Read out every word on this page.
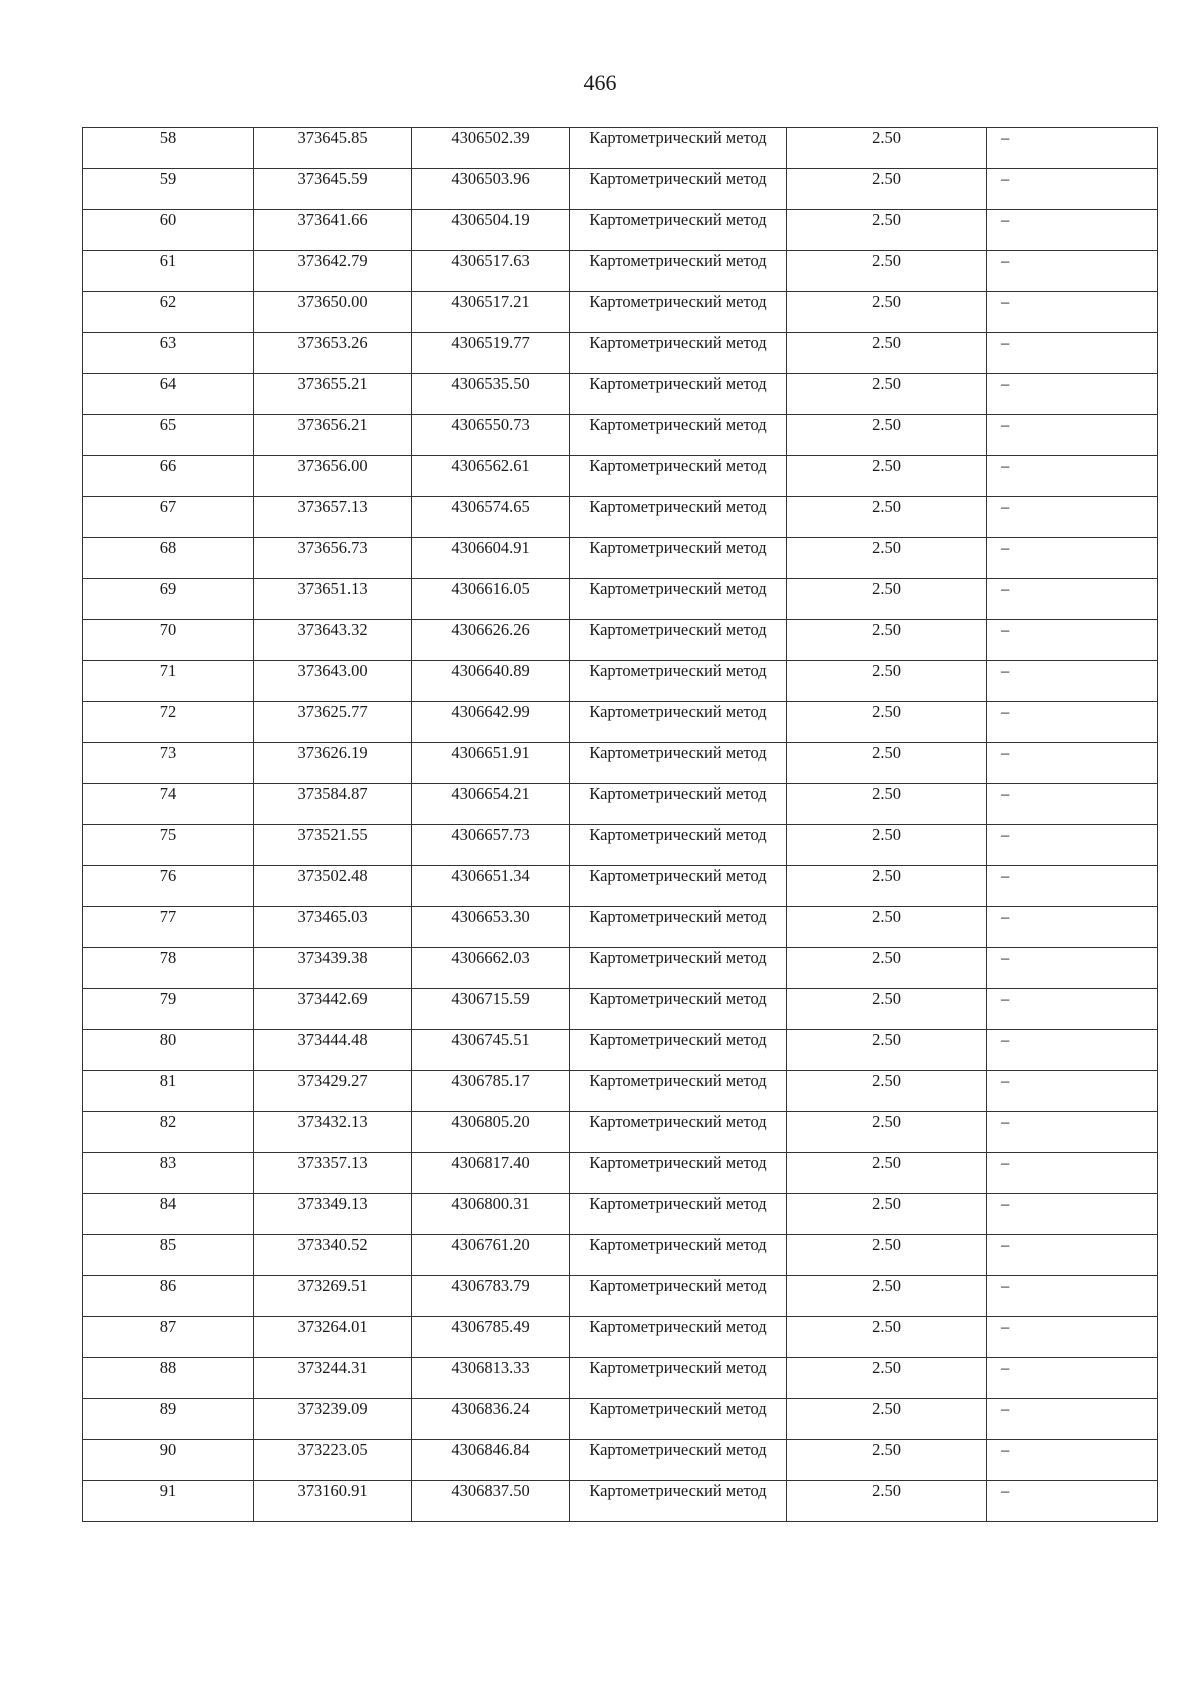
466
58	373645.85	4306502.39	Картометрический метод	2.50	–
59	373645.59	4306503.96	Картометрический метод	2.50	–
60	373641.66	4306504.19	Картометрический метод	2.50	–
61	373642.79	4306517.63	Картометрический метод	2.50	–
62	373650.00	4306517.21	Картометрический метод	2.50	–
63	373653.26	4306519.77	Картометрический метод	2.50	–
64	373655.21	4306535.50	Картометрический метод	2.50	–
65	373656.21	4306550.73	Картометрический метод	2.50	–
66	373656.00	4306562.61	Картометрический метод	2.50	–
67	373657.13	4306574.65	Картометрический метод	2.50	–
68	373656.73	4306604.91	Картометрический метод	2.50	–
69	373651.13	4306616.05	Картометрический метод	2.50	–
70	373643.32	4306626.26	Картометрический метод	2.50	–
71	373643.00	4306640.89	Картометрический метод	2.50	–
72	373625.77	4306642.99	Картометрический метод	2.50	–
73	373626.19	4306651.91	Картометрический метод	2.50	–
74	373584.87	4306654.21	Картометрический метод	2.50	–
75	373521.55	4306657.73	Картометрический метод	2.50	–
76	373502.48	4306651.34	Картометрический метод	2.50	–
77	373465.03	4306653.30	Картометрический метод	2.50	–
78	373439.38	4306662.03	Картометрический метод	2.50	–
79	373442.69	4306715.59	Картометрический метод	2.50	–
80	373444.48	4306745.51	Картометрический метод	2.50	–
81	373429.27	4306785.17	Картометрический метод	2.50	–
82	373432.13	4306805.20	Картометрический метод	2.50	–
83	373357.13	4306817.40	Картометрический метод	2.50	–
84	373349.13	4306800.31	Картометрический метод	2.50	–
85	373340.52	4306761.20	Картометрический метод	2.50	–
86	373269.51	4306783.79	Картометрический метод	2.50	–
87	373264.01	4306785.49	Картометрический метод	2.50	–
88	373244.31	4306813.33	Картометрический метод	2.50	–
89	373239.09	4306836.24	Картометрический метод	2.50	–
90	373223.05	4306846.84	Картометрический метод	2.50	–
91	373160.91	4306837.50	Картометрический метод	2.50	–
